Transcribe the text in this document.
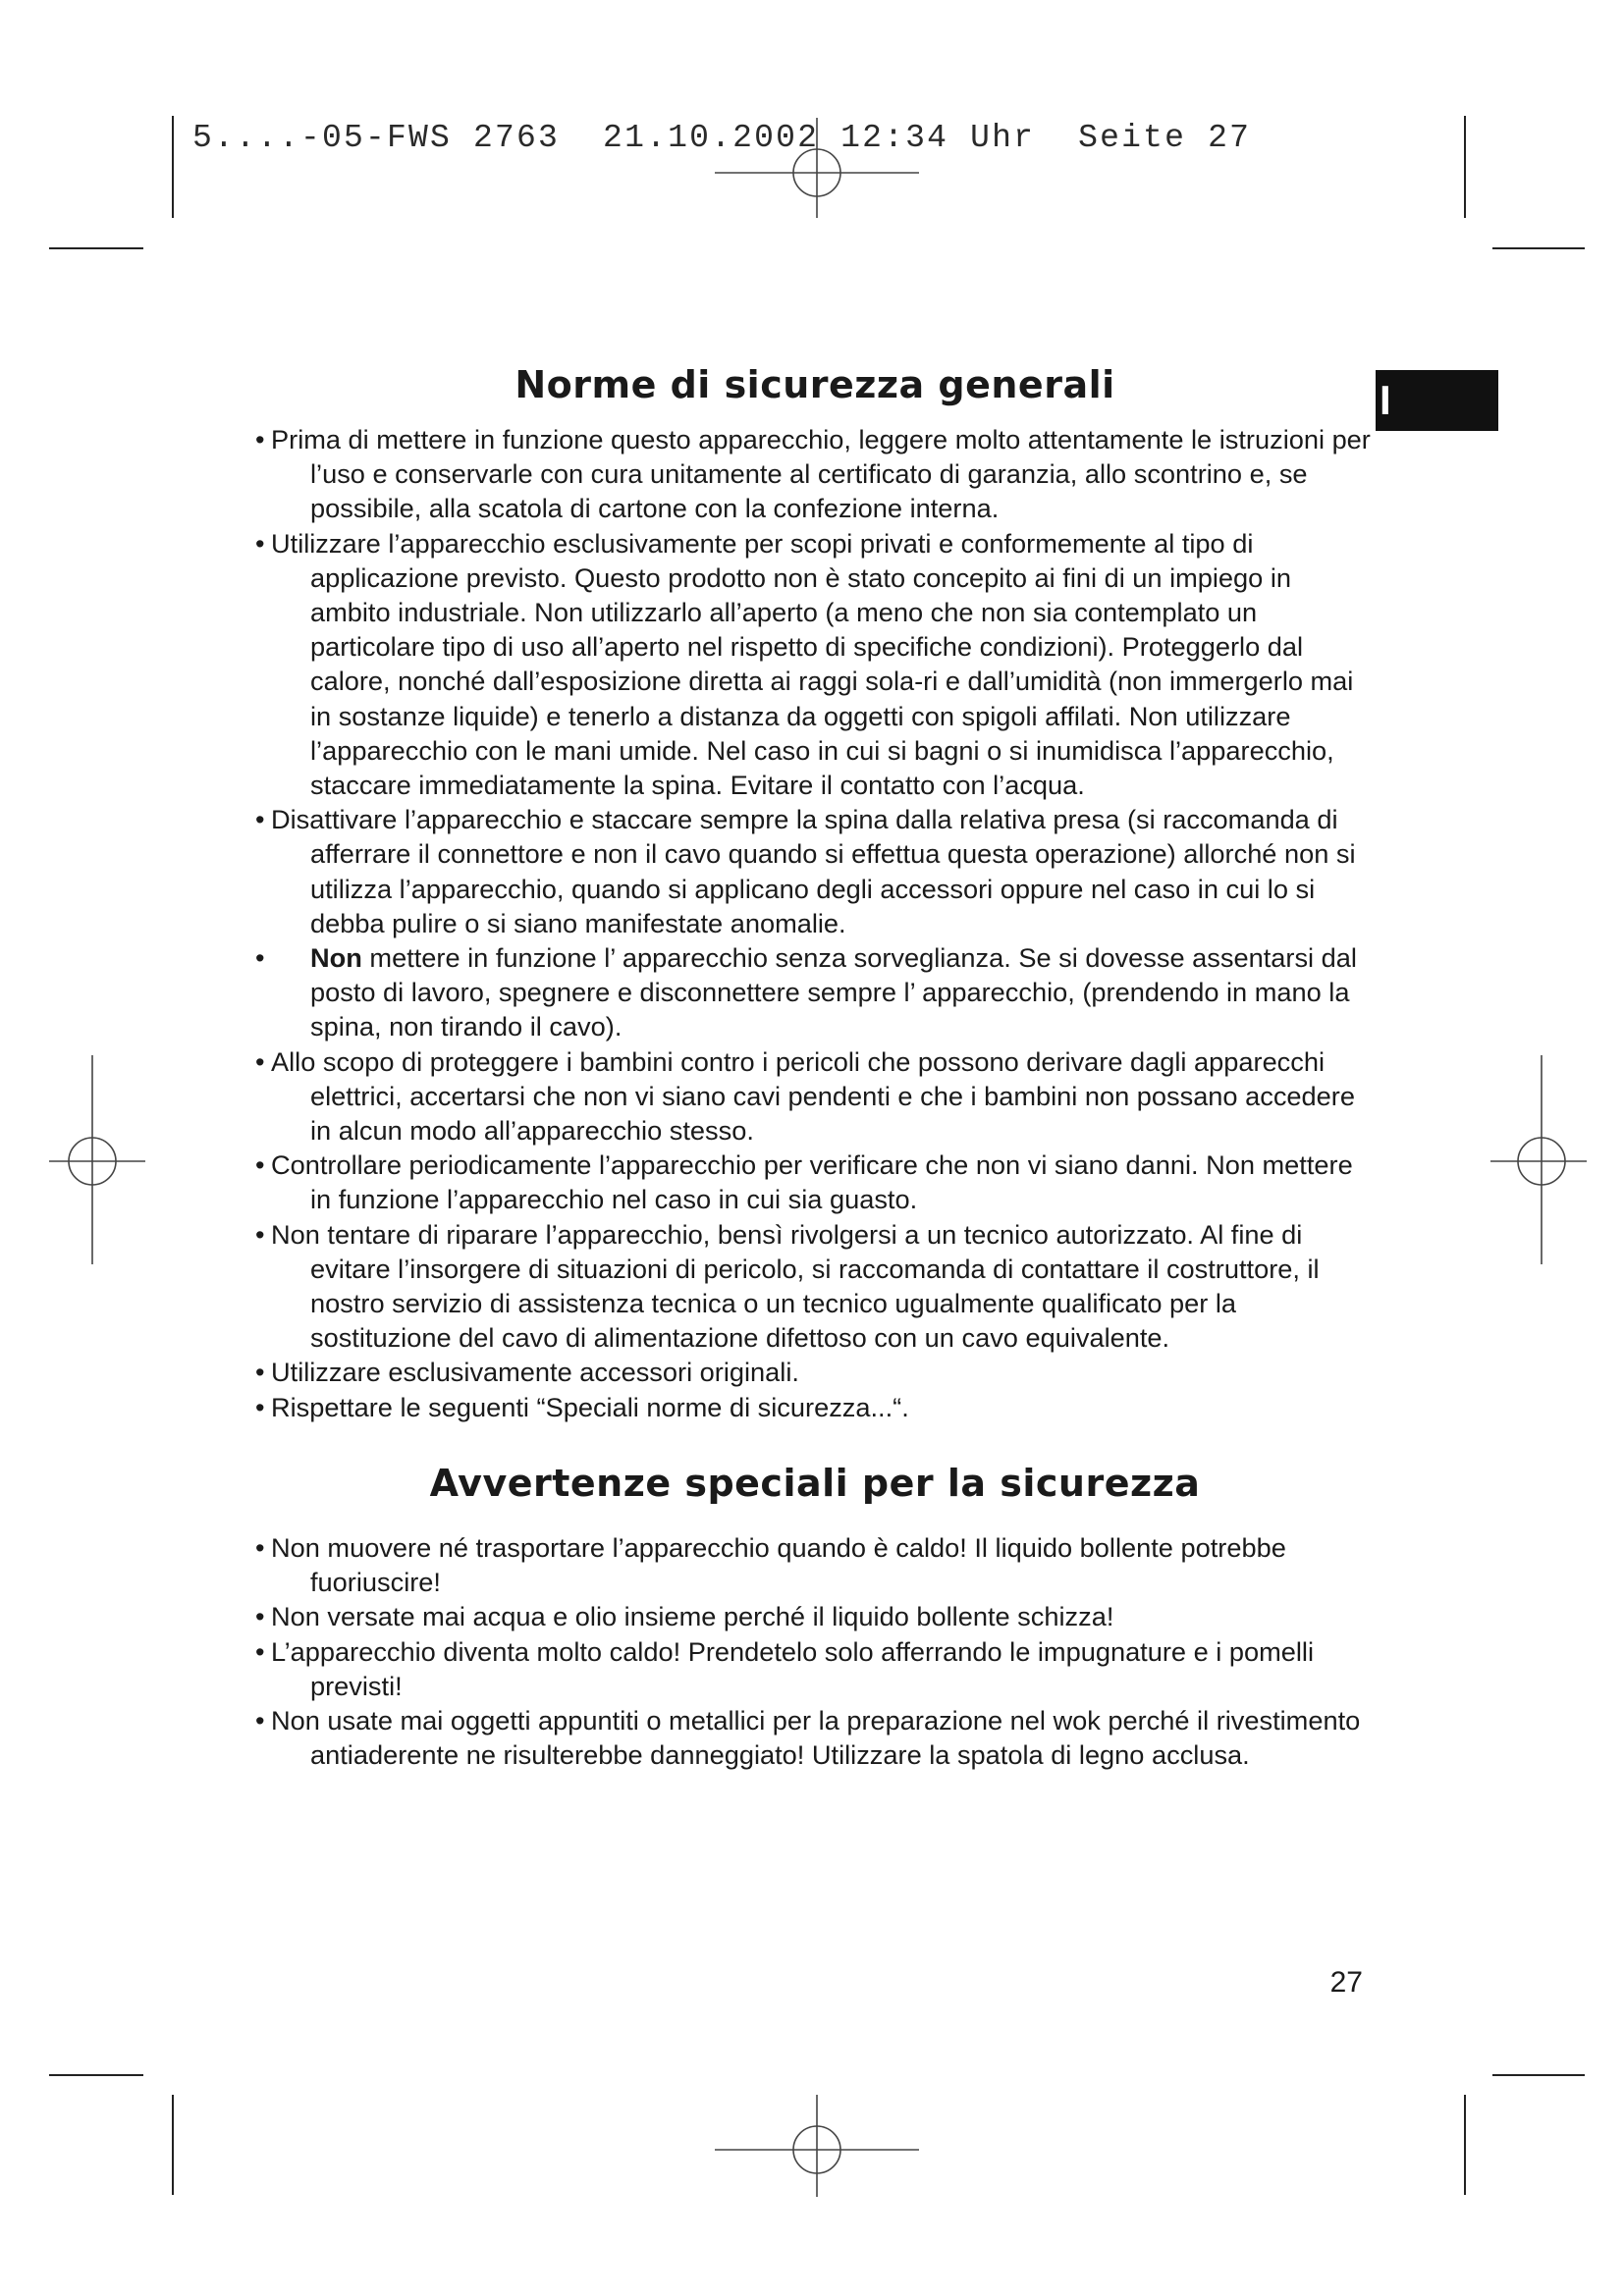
5....-05-FWS 2763  21.10.2002 12:34 Uhr  Seite 27
I
Norme di sicurezza generali
• Prima di mettere in funzione questo apparecchio, leggere molto attentamente le istruzioni per l’uso e conservarle con cura unitamente al certificato di garanzia, allo scontrino e, se possibile, alla scatola di cartone con la confezione interna.
• Utilizzare l’apparecchio esclusivamente per scopi privati e conformemente al tipo di applicazione previsto. Questo prodotto non è stato concepito ai fini di un impiego in ambito industriale. Non utilizzarlo all’aperto (a meno che non sia contemplato un particolare tipo di uso all’aperto nel rispetto di specifiche condizioni). Proteggerlo dal calore, nonché dall’esposizione diretta ai raggi sola-ri e dall’umidità (non immergerlo mai in sostanze liquide) e tenerlo a distanza da oggetti con spigoli affilati. Non utilizzare l’apparecchio con le mani umide. Nel caso in cui si bagni o si inumidisca l’apparecchio, staccare immediatamente la spina. Evitare il contatto con l’acqua.
• Disattivare l’apparecchio e staccare sempre la spina dalla relativa presa (si raccomanda di afferrare il connettore e non il cavo quando si effettua questa operazione) allorché non si utilizza l’apparecchio, quando si applicano degli accessori oppure nel caso in cui lo si debba pulire o si siano manifestate anomalie.
• Non mettere in funzione l’ apparecchio senza sorveglianza. Se si dovesse assentarsi dal posto di lavoro, spegnere e disconnettere sempre l’ apparecchio, (prendendo in mano la spina, non tirando il cavo).
• Allo scopo di proteggere i bambini contro i pericoli che possono derivare dagli apparecchi elettrici, accertarsi che non vi siano cavi pendenti e che i bambini non possano accedere in alcun modo all’apparecchio stesso.
• Controllare periodicamente l’apparecchio per verificare che non vi siano danni. Non mettere in funzione l’apparecchio nel caso in cui sia guasto.
• Non tentare di riparare l’apparecchio, bensì rivolgersi a un tecnico autorizzato. Al fine di evitare l’insorgere di situazioni di pericolo, si raccomanda di contattare il costruttore, il nostro servizio di assistenza tecnica o un tecnico ugualmente qualificato per la sostituzione del cavo di alimentazione difettoso con un cavo equivalente.
• Utilizzare esclusivamente accessori originali.
• Rispettare le seguenti “Speciali norme di sicurezza...“.
Avvertenze speciali per la sicurezza
• Non muovere né trasportare l’apparecchio quando è caldo! Il liquido bollente potrebbe fuoriuscire!
• Non versate mai acqua e olio insieme perché il liquido bollente schizza!
• L’apparecchio diventa molto caldo! Prendetelo solo afferrando le impugnature e i pomelli previsti!
• Non usate mai oggetti appuntiti o metallici per la preparazione nel wok perché il rivestimento antiaderente ne risulterebbe danneggiato! Utilizzare la spatola di legno acclusa.
27
